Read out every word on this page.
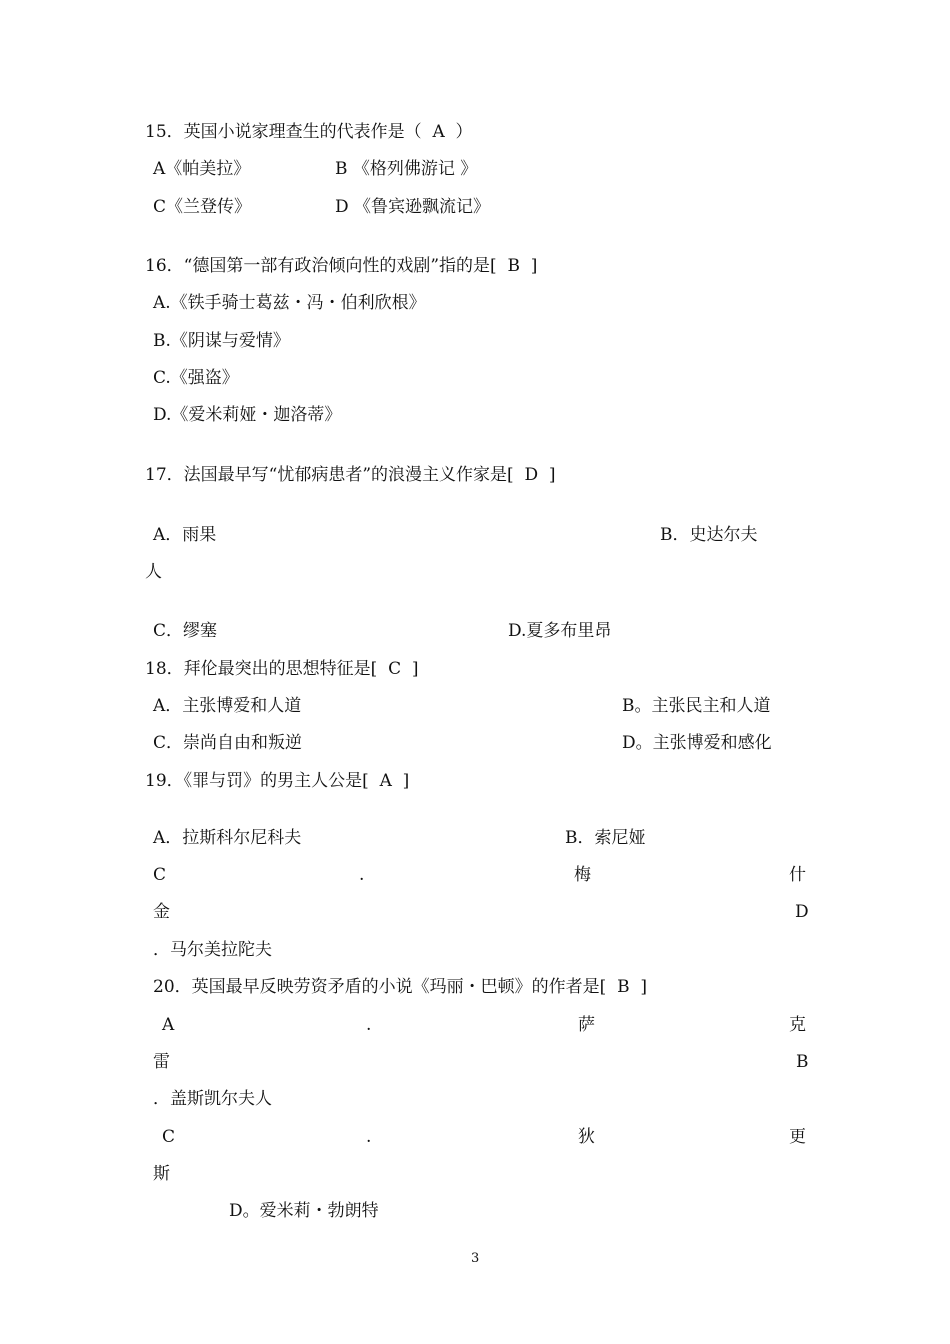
15．英国小说家理查生的代表作是（  A  ）
A《帕美拉》	B 《格列佛游记 》
C《兰登传》	D 《鲁宾逊飘流记》
16．“德国第一部有政治倾向性的戏剧”指的是[  B  ]
A.《铁手骑士葛兹・冯・伯利欣根》
B.《阴谋与爱情》
C.《强盗》
D.《爱米莉娅・迦洛蒂》
17．法国最早写“忧郁病患者”的浪漫主义作家是[  D  ]
A．雨果	B．史达尔夫
人
C．缪塞	D.夏多布里昂
18．拜伦最突出的思想特征是[  C  ]
A．主张博爱和人道	B。主张民主和人道
C．崇尚自由和叛逆	D。主张博爱和感化
19．《罪与罚》的男主人公是[  A  ]
A．拉斯科尔尼科夫	B．索尼娅
C	.	梅	什
金	D
．马尔美拉陀夫
20．英国最早反映劳资矛盾的小说《玛丽・巴顿》的作者是[  B  ]
A	.	萨	克
雷	B
．盖斯凯尔夫人
C	.	狄	更
斯
D。爱米莉・勃朗特
3
